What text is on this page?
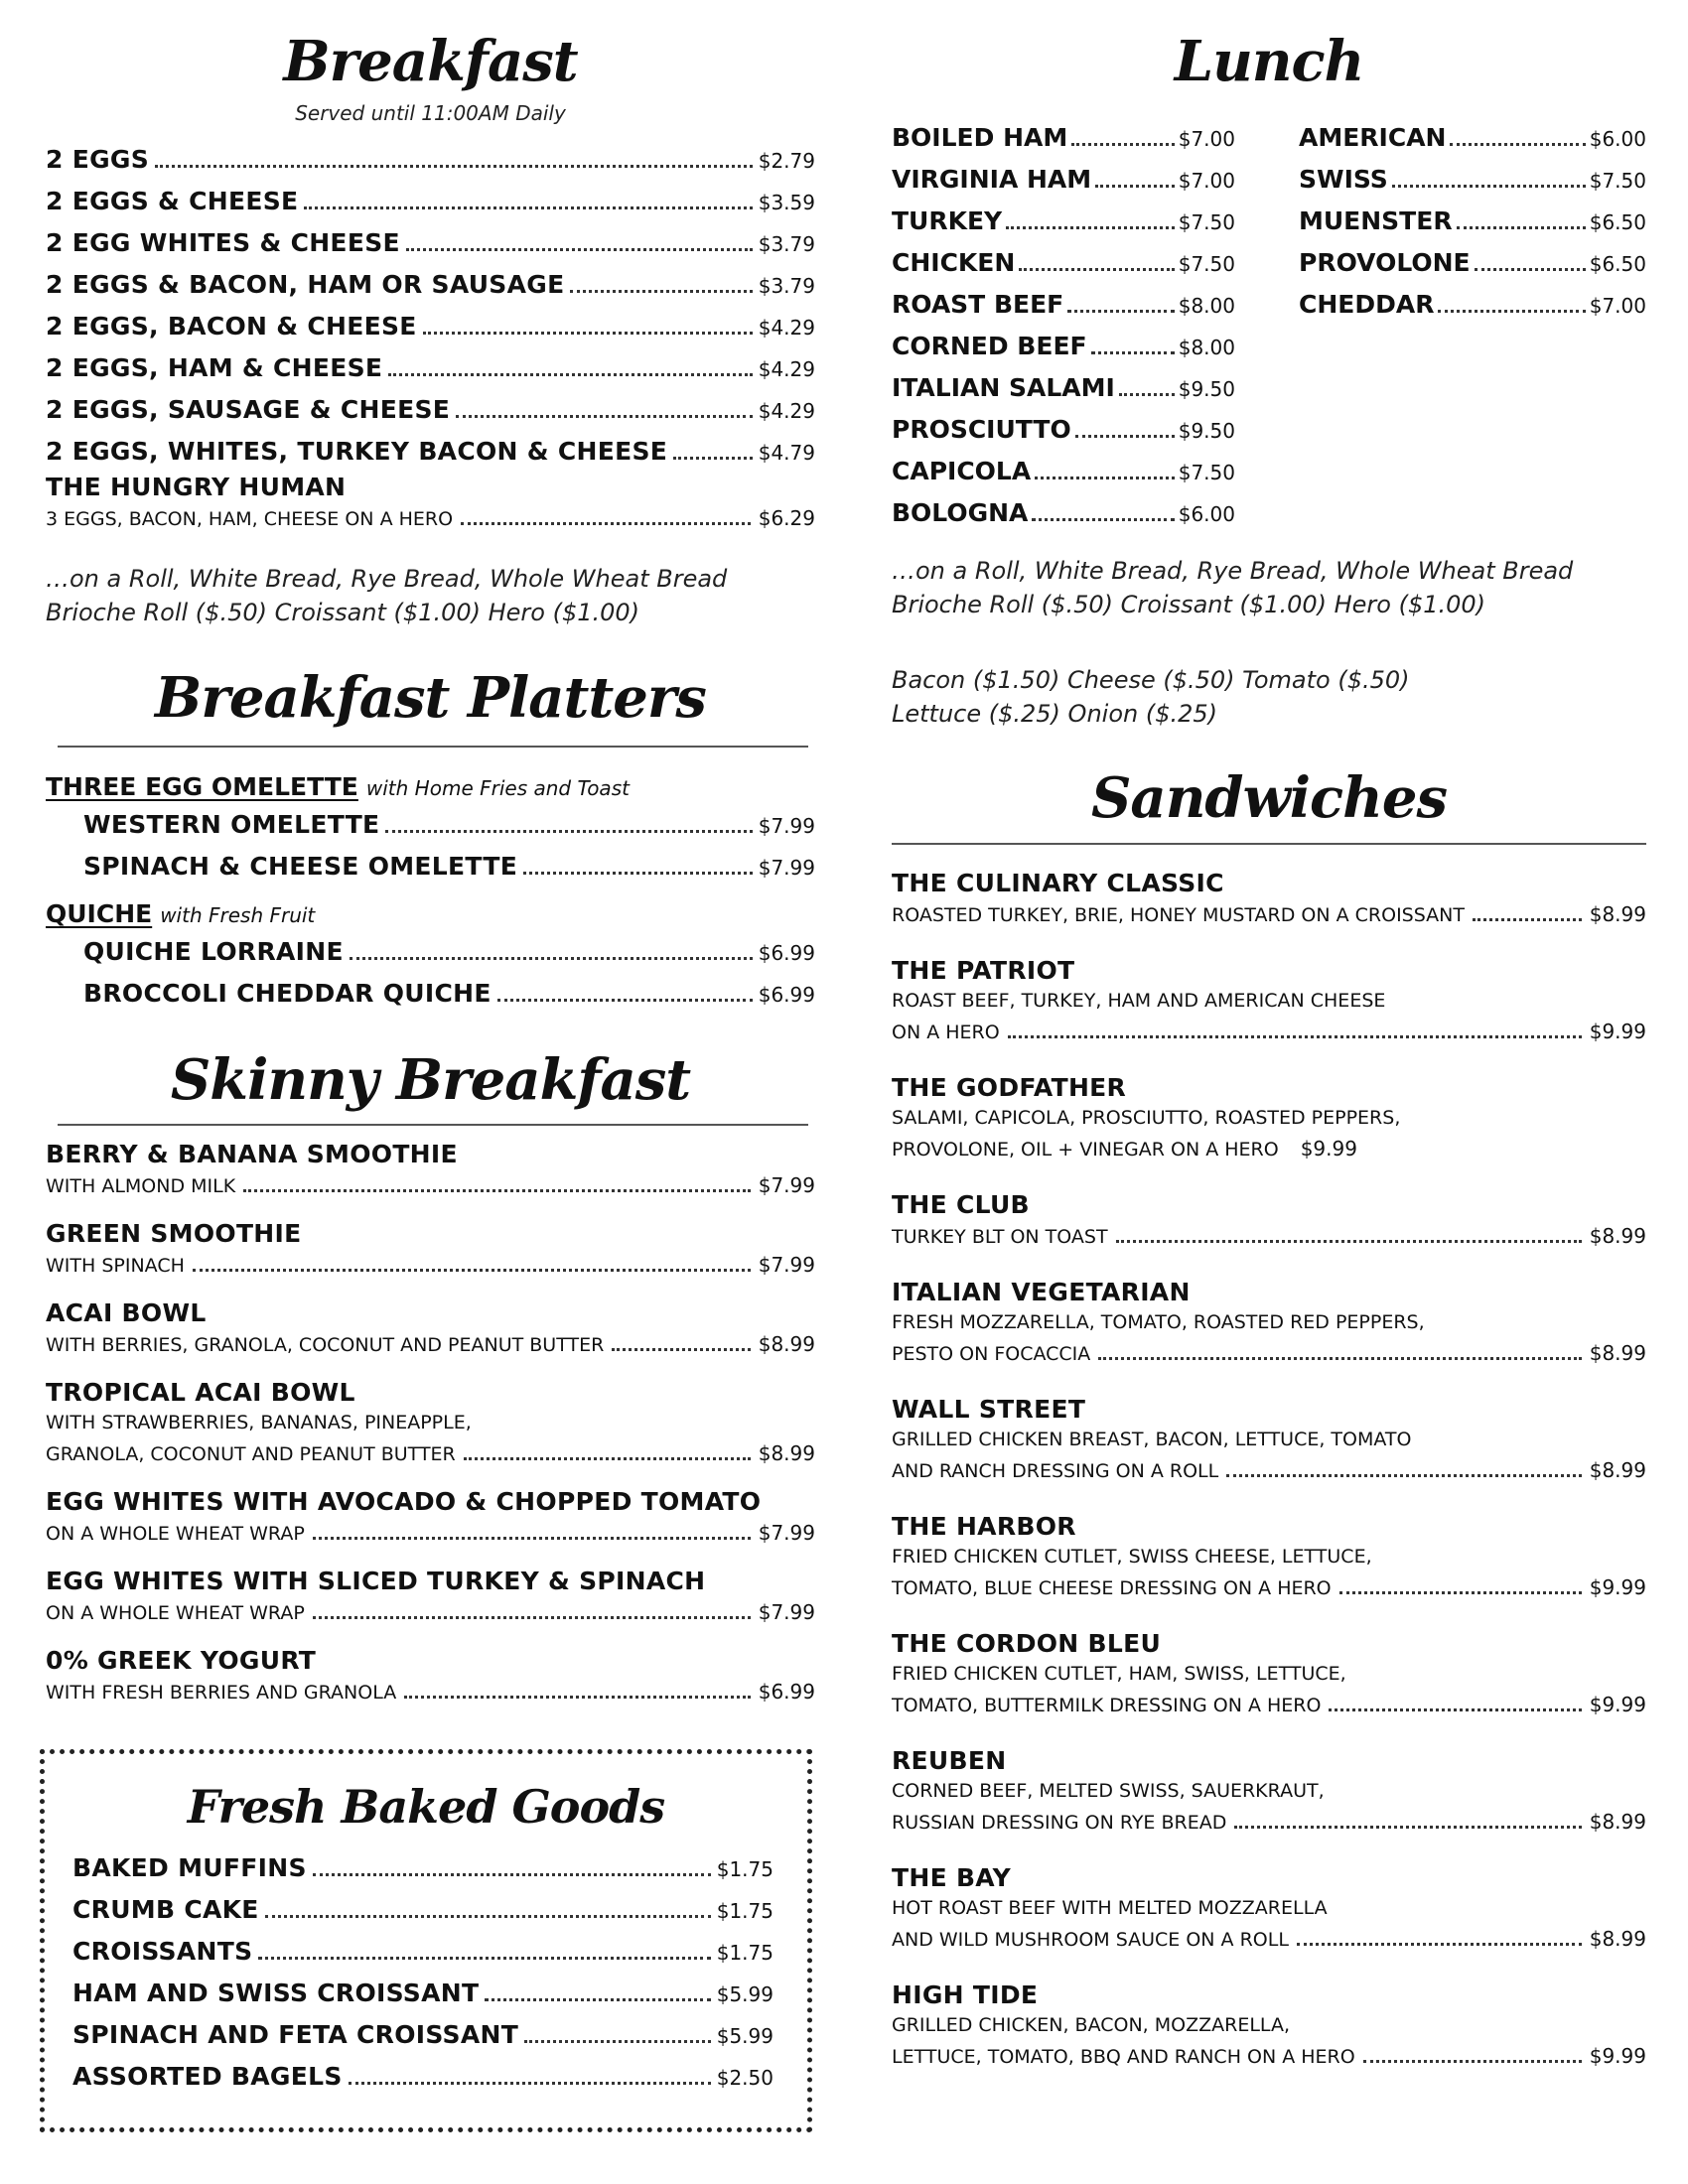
Breakfast
Served until 11:00AM Daily
2 EGGS	$2.79
2 EGGS & CHEESE	$3.59
2 EGG WHITES & CHEESE	$3.79
2 EGGS & BACON, HAM OR SAUSAGE	$3.79
2 EGGS, BACON & CHEESE	$4.29
2 EGGS, HAM & CHEESE	$4.29
2 EGGS, SAUSAGE & CHEESE	$4.29
2 EGGS, WHITES, TURKEY BACON & CHEESE	$4.79
THE HUNGRY HUMAN
3 EGGS, BACON, HAM, CHEESE ON A HERO	$6.29
…on a Roll, White Bread, Rye Bread, Whole Wheat Bread
Brioche Roll ($.50) Croissant ($1.00) Hero ($1.00)
Breakfast Platters
THREE EGG OMELETTE with Home Fries and Toast
WESTERN OMELETTE	$7.99
SPINACH & CHEESE OMELETTE	$7.99
QUICHE with Fresh Fruit
QUICHE LORRAINE	$6.99
BROCCOLI CHEDDAR QUICHE	$6.99
Skinny Breakfast
BERRY & BANANA SMOOTHIE
WITH ALMOND MILK	$7.99
GREEN SMOOTHIE
WITH SPINACH	$7.99
ACAI BOWL
WITH BERRIES, GRANOLA, COCONUT AND PEANUT BUTTER	$8.99
TROPICAL ACAI BOWL
WITH STRAWBERRIES, BANANAS, PINEAPPLE,
GRANOLA, COCONUT AND PEANUT BUTTER	$8.99
EGG WHITES WITH AVOCADO & CHOPPED TOMATO
ON A WHOLE WHEAT WRAP	$7.99
EGG WHITES WITH SLICED TURKEY & SPINACH
ON A WHOLE WHEAT WRAP	$7.99
0% GREEK YOGURT
WITH FRESH BERRIES AND GRANOLA	$6.99
Fresh Baked Goods
BAKED MUFFINS	$1.75
CRUMB CAKE	$1.75
CROISSANTS	$1.75
HAM AND SWISS CROISSANT	$5.99
SPINACH AND FETA CROISSANT	$5.99
ASSORTED BAGELS	$2.50
Lunch
BOILED HAM	$7.00
VIRGINIA HAM	$7.00
TURKEY	$7.50
CHICKEN	$7.50
ROAST BEEF	$8.00
CORNED BEEF	$8.00
ITALIAN SALAMI	$9.50
PROSCIUTTO	$9.50
CAPICOLA	$7.50
BOLOGNA	$6.00
AMERICAN	$6.00
SWISS	$7.50
MUENSTER	$6.50
PROVOLONE	$6.50
CHEDDAR	$7.00
…on a Roll, White Bread, Rye Bread, Whole Wheat Bread
Brioche Roll ($.50) Croissant ($1.00) Hero ($1.00)
Bacon ($1.50) Cheese ($.50) Tomato ($.50)
Lettuce ($.25) Onion ($.25)
Sandwiches
THE CULINARY CLASSIC
ROASTED TURKEY, BRIE, HONEY MUSTARD ON A CROISSANT	$8.99
THE PATRIOT
ROAST BEEF, TURKEY, HAM AND AMERICAN CHEESE
ON A HERO	$9.99
THE GODFATHER
SALAMI, CAPICOLA, PROSCIUTTO, ROASTED PEPPERS,
PROVOLONE, OIL + VINEGAR ON A HERO $9.99
THE CLUB
TURKEY BLT ON TOAST	$8.99
ITALIAN VEGETARIAN
FRESH MOZZARELLA, TOMATO, ROASTED RED PEPPERS,
PESTO ON FOCACCIA	$8.99
WALL STREET
GRILLED CHICKEN BREAST, BACON, LETTUCE, TOMATO
AND RANCH DRESSING ON A ROLL	$8.99
THE HARBOR
FRIED CHICKEN CUTLET, SWISS CHEESE, LETTUCE,
TOMATO, BLUE CHEESE DRESSING ON A HERO	$9.99
THE CORDON BLEU
FRIED CHICKEN CUTLET, HAM, SWISS, LETTUCE,
TOMATO, BUTTERMILK DRESSING ON A HERO	$9.99
REUBEN
CORNED BEEF, MELTED SWISS, SAUERKRAUT,
RUSSIAN DRESSING ON RYE BREAD	$8.99
THE BAY
HOT ROAST BEEF WITH MELTED MOZZARELLA
AND WILD MUSHROOM SAUCE ON A ROLL	$8.99
HIGH TIDE
GRILLED CHICKEN, BACON, MOZZARELLA,
LETTUCE, TOMATO, BBQ AND RANCH ON A HERO	$9.99
